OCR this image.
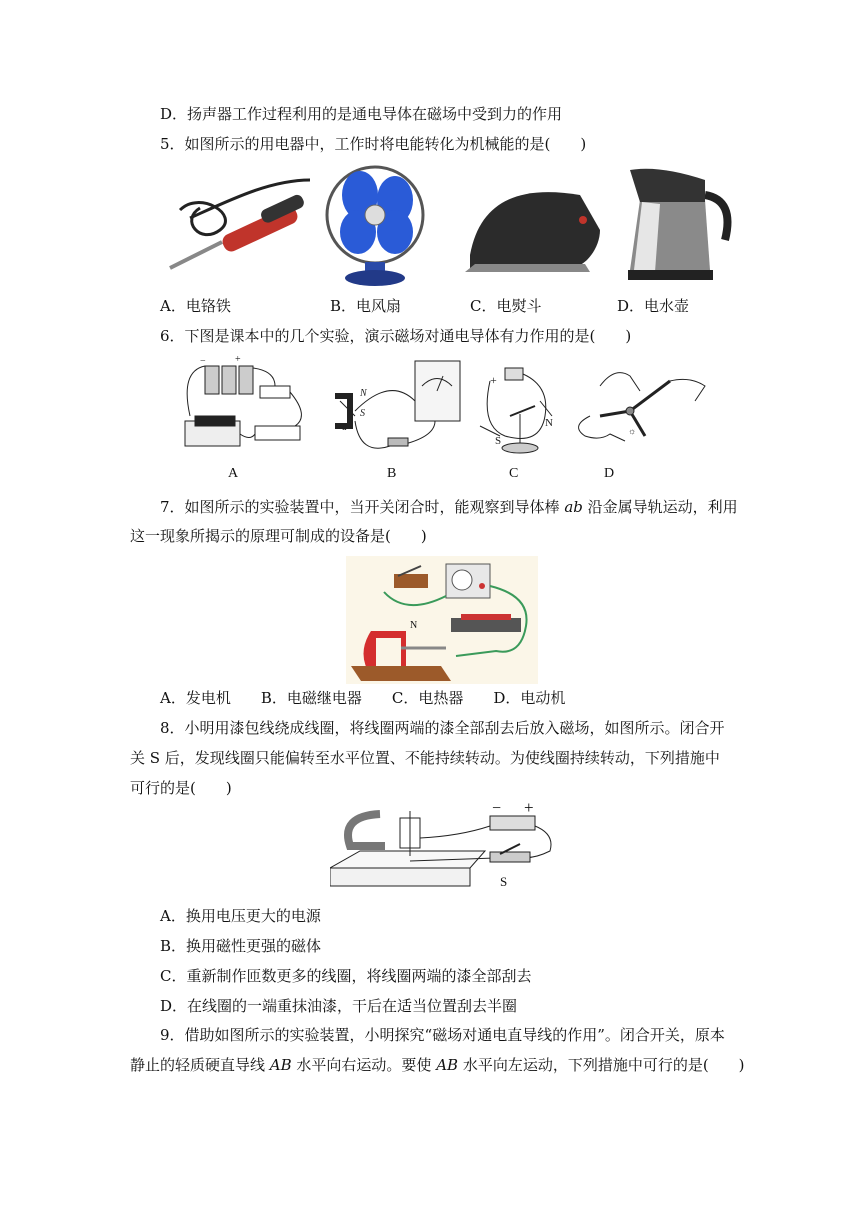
D．扬声器工作过程利用的是通电导体在磁场中受到力的作用
5．如图所示的用电器中，工作时将电能转化为机械能的是(　　)
A．电铬铁	B．电风扇	C．电熨斗	D．电水壶
6．下图是课本中的几个实验，演示磁场对通电导体有力作用的是(　　)
−	+
N
S
a
+
N
S
☼
A	B	C	D
7．如图所示的实验装置中，当开关闭合时，能观察到导体棒 ab 沿金属导轨运动，利用
这一现象所揭示的原理可制成的设备是(　　)
N
A．发电机　　B．电磁继电器　　C．电热器　　D．电动机
8．小明用漆包线绕成线圈，将线圈两端的漆全部刮去后放入磁场，如图所示。闭合开
关 S 后，发现线圈只能偏转至水平位置、不能持续转动。为使线圈持续转动，下列措施中
可行的是(　　)
− +
S
A．换用电压更大的电源
B．换用磁性更强的磁体
C．重新制作匝数更多的线圈，将线圈两端的漆全部刮去
D．在线圈的一端重抹油漆，干后在适当位置刮去半圈
9．借助如图所示的实验装置，小明探究“磁场对通电直导线的作用”。闭合开关，原本
静止的轻质硬直导线 AB 水平向右运动。要使 AB 水平向左运动，下列措施中可行的是(　　)
